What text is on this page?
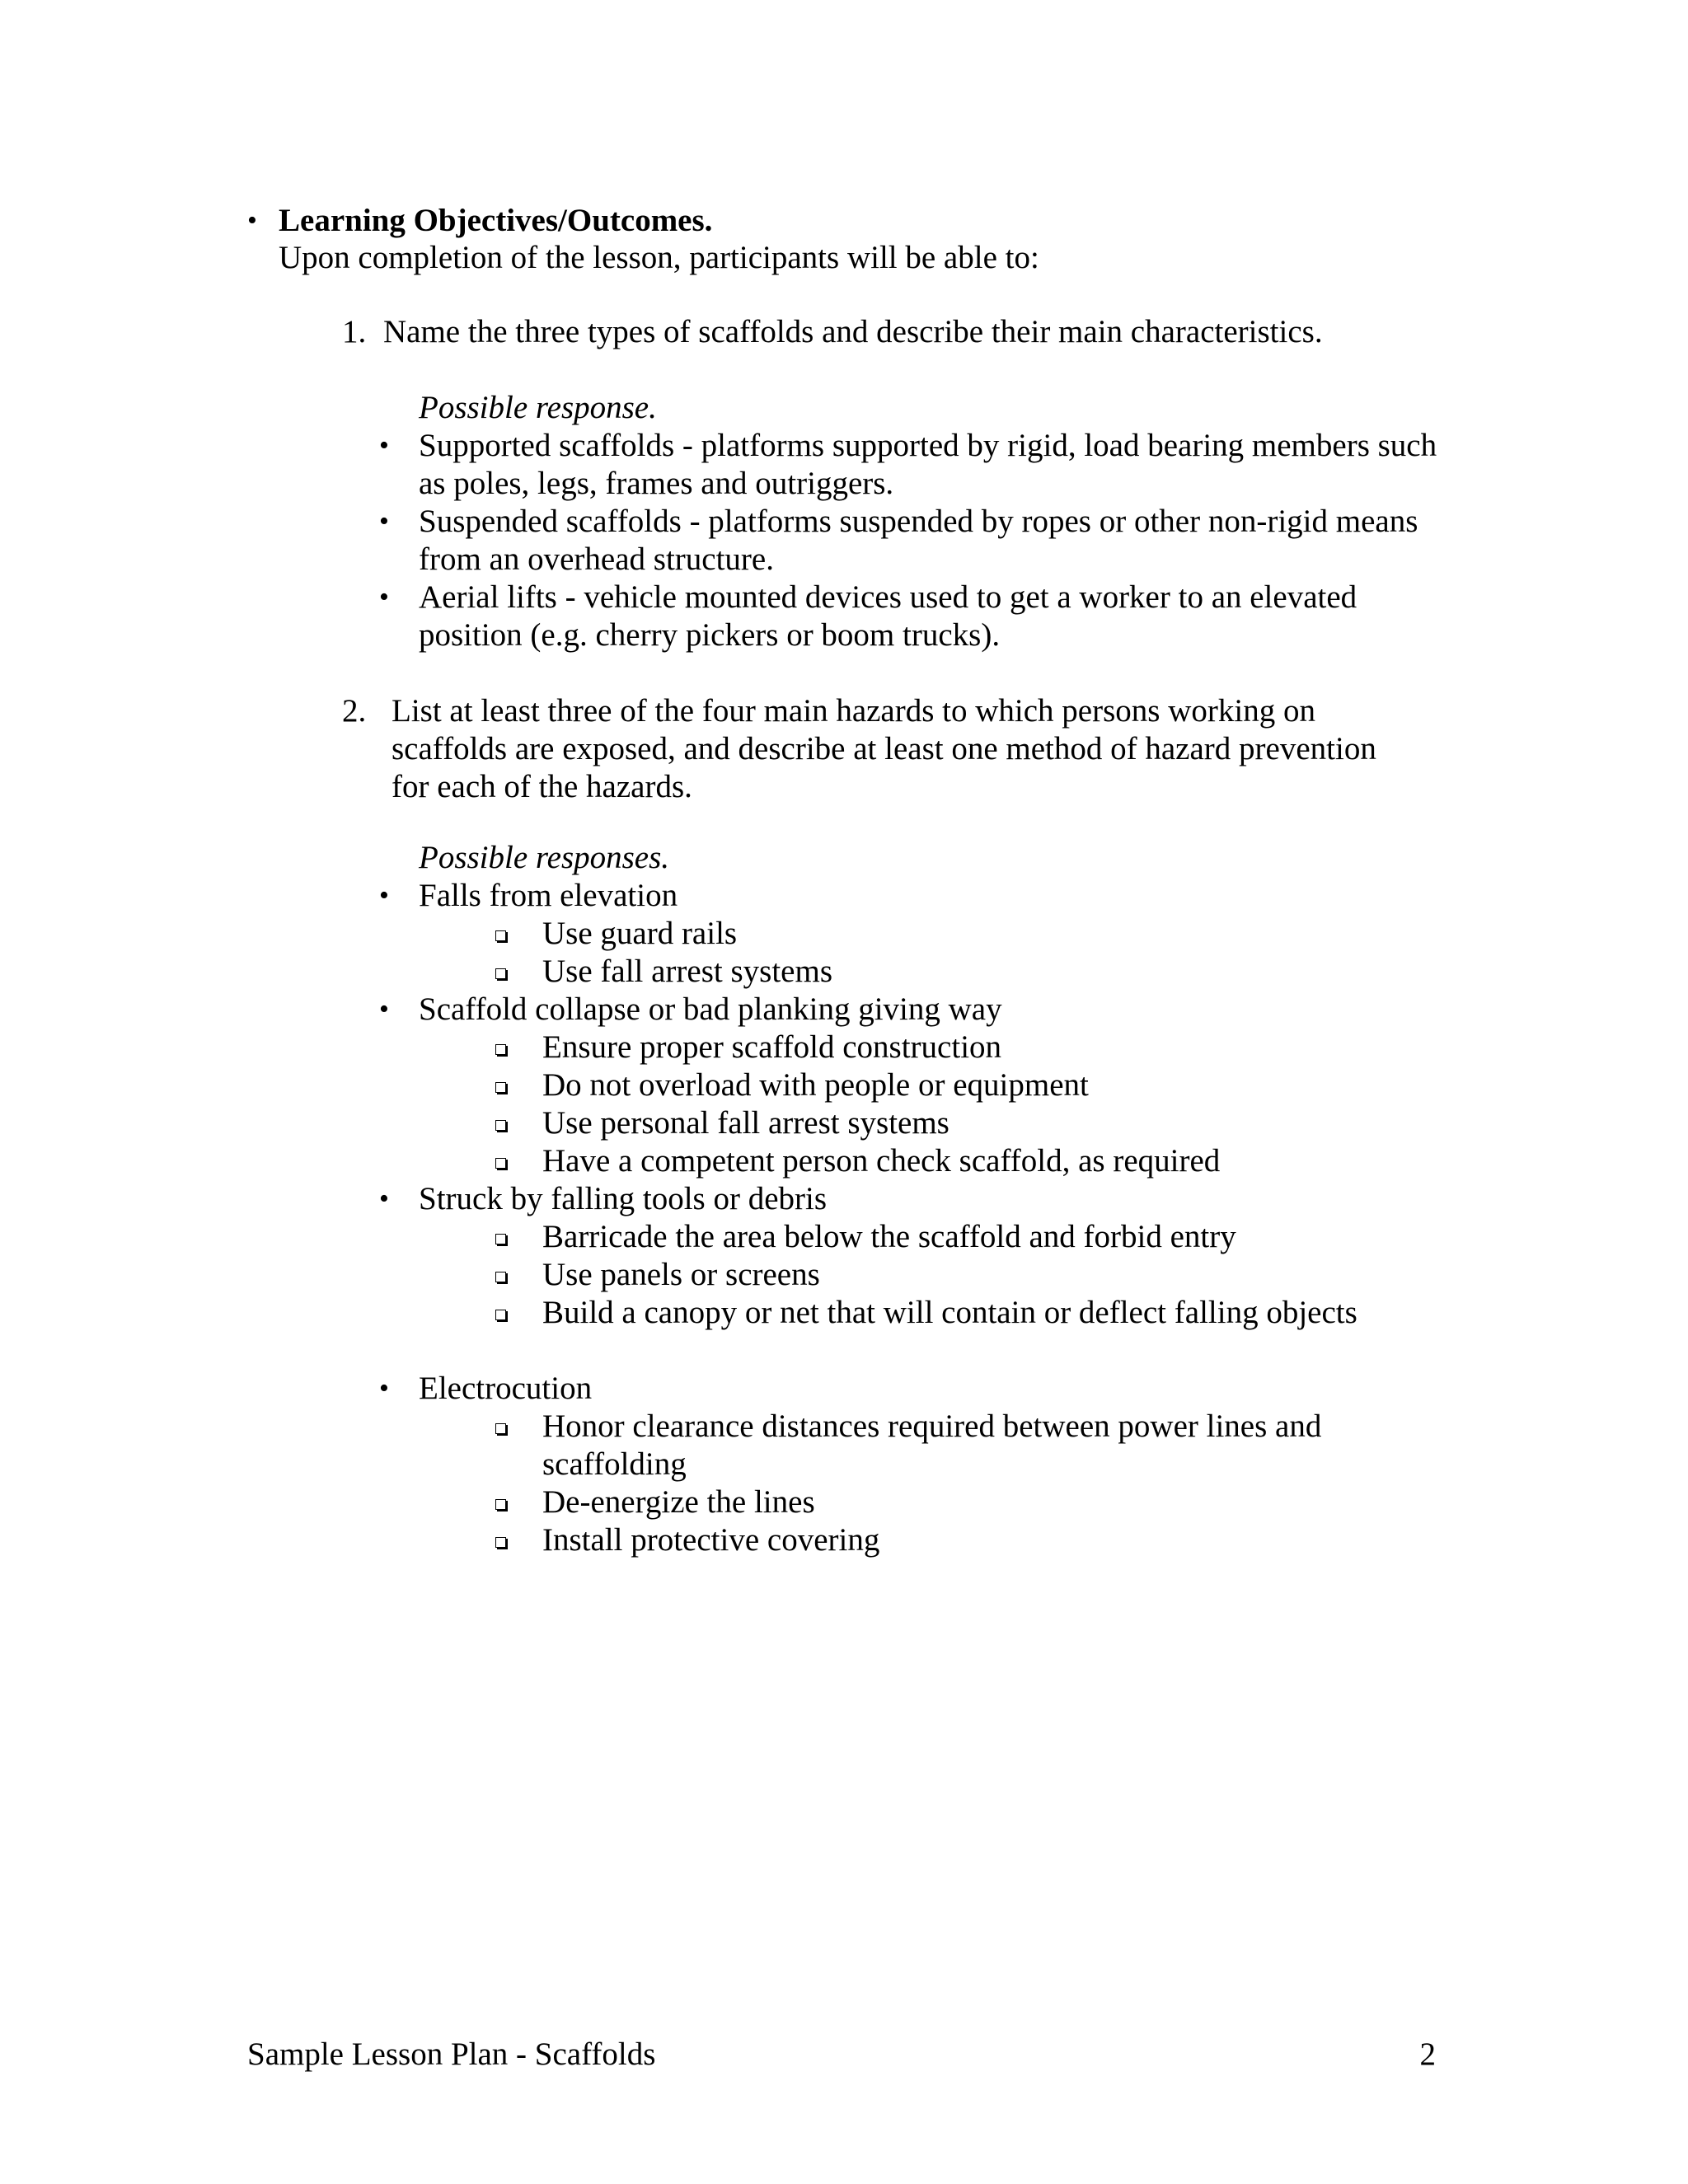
•
Learning Objectives/Outcomes.
Upon completion of the lesson, participants will be able to:
1. Name the three types of scaffolds and describe their main characteristics.
Possible response.
• Supported scaffolds - platforms supported by rigid, load bearing members such as poles, legs, frames and outriggers.
• Suspended scaffolds - platforms suspended by ropes or other non-rigid means from an overhead structure.
• Aerial lifts - vehicle mounted devices used to get a worker to an elevated position (e.g. cherry pickers or boom trucks).
2. List at least three of the four main hazards to which persons working on scaffolds are exposed, and describe at least one method of hazard prevention for each of the hazards.
Possible responses.
• Falls from elevation
Use guard rails
Use fall arrest systems
• Scaffold collapse or bad planking giving way
Ensure proper scaffold construction
Do not overload with people or equipment
Use personal fall arrest systems
Have a competent person check scaffold, as required
• Struck by falling tools or debris
Barricade the area below the scaffold and forbid entry
Use panels or screens
Build a canopy or net that will contain or deflect falling objects
• Electrocution
Honor clearance distances required between power lines and scaffolding
De-energize the lines
Install protective covering
Sample Lesson Plan - Scaffolds	2
